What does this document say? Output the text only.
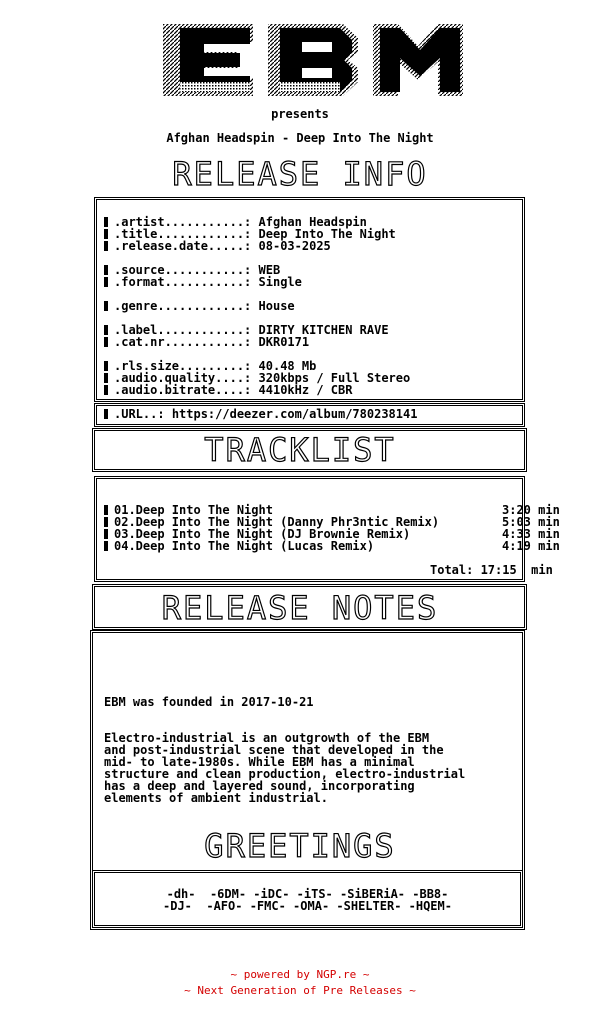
presents
Afghan Headspin - Deep Into The Night
RELEASE INFO
.artist...........: Afghan Headspin
.title............: Deep Into The Night
.release.date.....: 08-03-2025
.source...........: WEB
.format...........: Single
.genre............: House
.label............: DIRTY KITCHEN RAVE
.cat.nr...........: DKR0171
.rls.size.........: 40.48 Mb
.audio.quality....: 320kbps / Full Stereo
.audio.bitrate....: 4410kHz / CBR
.URL..: https://deezer.com/album/780238141
TRACKLIST
01.Deep Into The Night	3:20 min
02.Deep Into The Night (Danny Phr3ntic Remix)	5:03 min
03.Deep Into The Night (DJ Brownie Remix)	4:33 min
04.Deep Into The Night (Lucas Remix)	4:19 min
Total: 17:15  min
RELEASE NOTES
EBM was founded in 2017-10-21
Electro-industrial is an outgrowth of the EBM
and post-industrial scene that developed in the
mid- to late-1980s. While EBM has a minimal
structure and clean production, electro-industrial
has a deep and layered sound, incorporating
elements of ambient industrial.
GREETINGS
-dh-  -6DM- -iDC- -iTS- -SiBERiA- -BB8-
-DJ-  -AFO- -FMC- -OMA- -SHELTER- -HQEM-
~ powered by NGP.re ~
~ Next Generation of Pre Releases ~
